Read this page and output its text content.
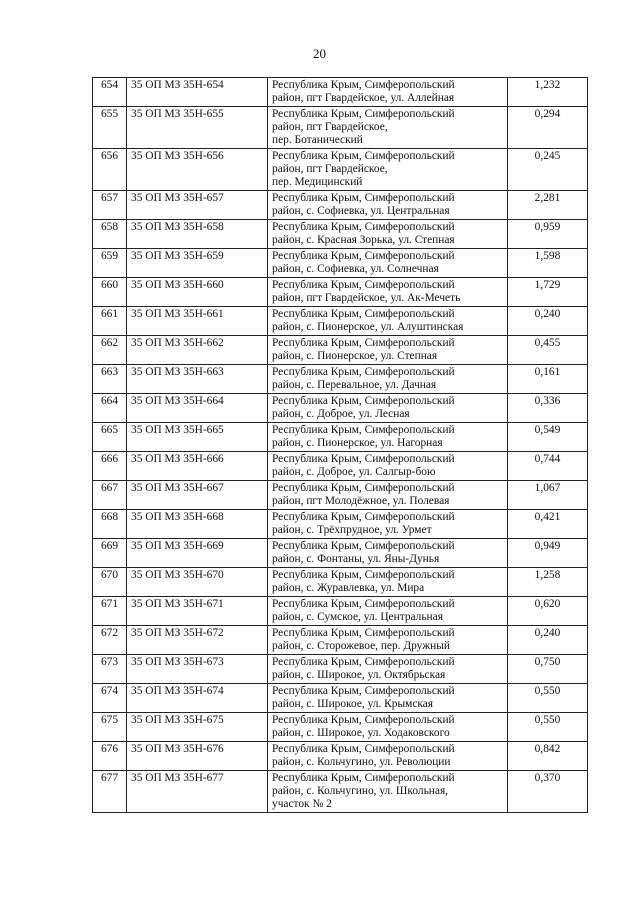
20
654	35 ОП МЗ 35Н-654	Республика Крым, Симферопольский
район, пгт Гвардейское, ул. Аллейная	1,232
655	35 ОП МЗ 35Н-655	Республика Крым, Симферопольский
район, пгт Гвардейское,
пер. Ботанический	0,294
656	35 ОП МЗ 35Н-656	Республика Крым, Симферопольский
район, пгт Гвардейское,
пер. Медицинский	0,245
657	35 ОП МЗ 35Н-657	Республика Крым, Симферопольский
район, с. Софиевка, ул. Центральная	2,281
658	35 ОП МЗ 35Н-658	Республика Крым, Симферопольский
район, с. Красная Зорька, ул. Степная	0,959
659	35 ОП МЗ 35Н-659	Республика Крым, Симферопольский
район, с. Софиевка, ул. Солнечная	1,598
660	35 ОП МЗ 35Н-660	Республика Крым, Симферопольский
район, пгт Гвардейское, ул. Ак-Мечеть	1,729
661	35 ОП МЗ 35Н-661	Республика Крым, Симферопольский
район, с. Пионерское, ул. Алуштинская	0,240
662	35 ОП МЗ 35Н-662	Республика Крым, Симферопольский
район, с. Пионерское, ул. Степная	0,455
663	35 ОП МЗ 35Н-663	Республика Крым, Симферопольский
район, с. Перевальное, ул. Дачная	0,161
664	35 ОП МЗ 35Н-664	Республика Крым, Симферопольский
район, с. Доброе, ул. Лесная	0,336
665	35 ОП МЗ 35Н-665	Республика Крым, Симферопольский
район, с. Пионерское, ул. Нагорная	0,549
666	35 ОП МЗ 35Н-666	Республика Крым, Симферопольский
район, с. Доброе, ул. Салгыр-бою	0,744
667	35 ОП МЗ 35Н-667	Республика Крым, Симферопольский
район, пгт Молодёжное, ул. Полевая	1,067
668	35 ОП МЗ 35Н-668	Республика Крым, Симферопольский
район, с. Трёхпрудное, ул. Урмет	0,421
669	35 ОП МЗ 35Н-669	Республика Крым, Симферопольский
район, с. Фонтаны, ул. Яны-Дунья	0,949
670	35 ОП МЗ 35Н-670	Республика Крым, Симферопольский
район, с. Журавлевка, ул. Мира	1,258
671	35 ОП МЗ 35Н-671	Республика Крым, Симферопольский
район, с. Сумское, ул. Центральная	0,620
672	35 ОП МЗ 35Н-672	Республика Крым, Симферопольский
район, с. Сторожевое, пер. Дружный	0,240
673	35 ОП МЗ 35Н-673	Республика Крым, Симферопольский
район, с. Широкое, ул. Октябрьская	0,750
674	35 ОП МЗ 35Н-674	Республика Крым, Симферопольский
район, с. Широкое, ул. Крымская	0,550
675	35 ОП МЗ 35Н-675	Республика Крым, Симферопольский
район, с. Широкое, ул. Ходаковского	0,550
676	35 ОП МЗ 35Н-676	Республика Крым, Симферопольский
район, с. Кольчугино, ул. Революции	0,842
677	35 ОП МЗ 35Н-677	Республика Крым, Симферопольский
район, с. Кольчугино, ул. Школьная,
участок № 2	0,370
